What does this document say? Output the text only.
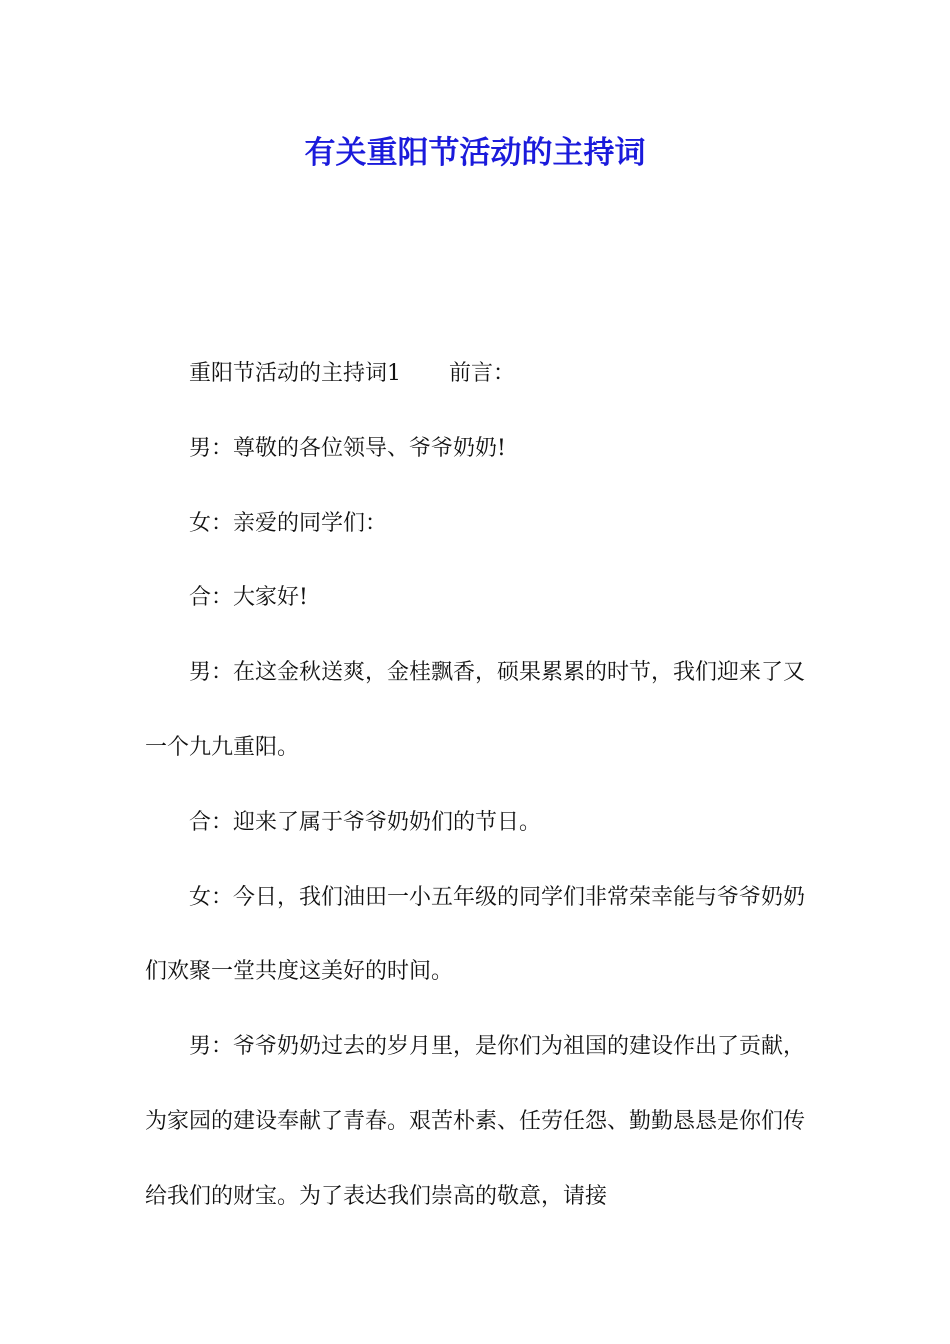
有关重阳节活动的主持词

重阳节活动的主持词1 前言：

男：尊敬的各位领导、爷爷奶奶!

女：亲爱的同学们：

合：大家好!

男：在这金秋送爽，金桂飘香，硕果累累的时节，我们迎来了又一个九九重阳。

合：迎来了属于爷爷奶奶们的节日。

女：今日，我们油田一小五年级的同学们非常荣幸能与爷爷奶奶们欢聚一堂共度这美好的时间。

男：爷爷奶奶过去的岁月里，是你们为祖国的建设作出了贡献，为家园的建设奉献了青春。艰苦朴素、任劳任怨、勤勤恳恳是你们传给我们的财宝。为了表达我们崇高的敬意，请接
